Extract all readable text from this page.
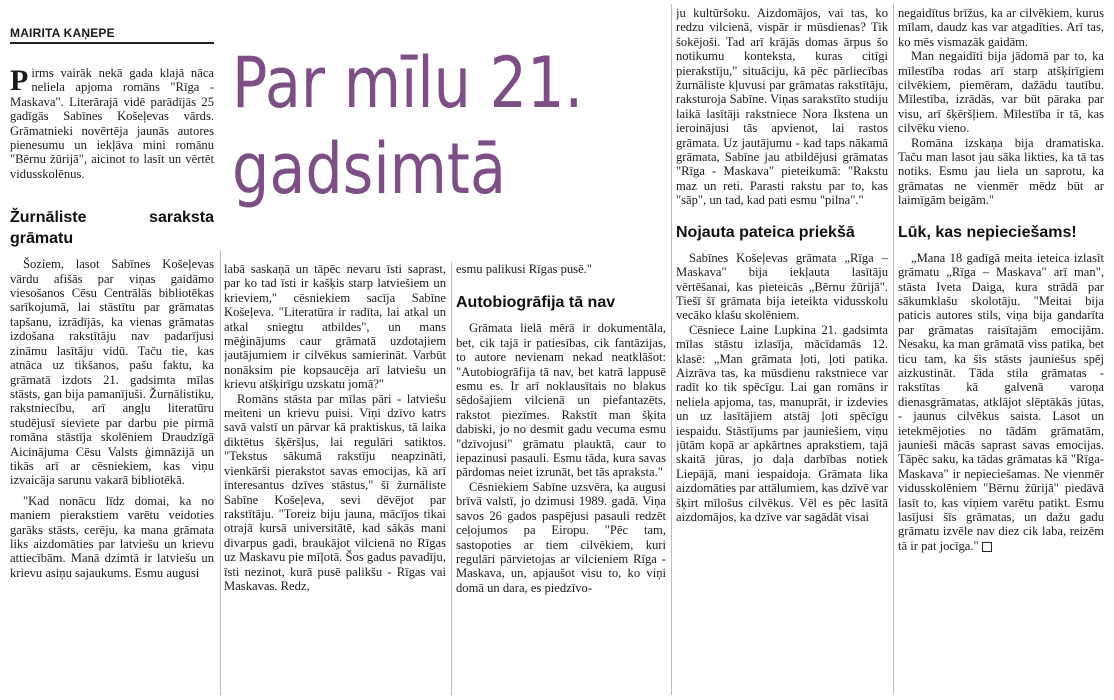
MAIRITA KAŅEPE
Par mīlu 21. gadsimtā

Pirms vairāk nekā gada klajā nāca neliela apjoma romāns "Rīga - Maskava". Literārajā vidē parādījās 25 gadīgās Sabīnes Košeļevas vārds. Grāmatnieki novērtēja jaunās autores pienesumu un iekļāva mini romānu "Bērnu žūrijā", aicinot to lasīt un vērtēt vidusskolēnus.

Žurnāliste saraksta grāmatu

Šoziem, lasot Sabīnes Košeļevas vārdu afišās par viņas gaidāmo viesošanos Cēsu Centrālās bibliotēkas sarīkojumā, lai stāstītu par grāmatas tapšanu, izrādījās, ka vienas grāmatas izdošana rakstītāju nav padarījusi zināmu lasītāju vidū. Taču tie, kas atnāca uz tikšanos, pašu faktu, ka grāmatā izdots 21. gadsimta mīlas stāsts, gan bija pamanījuši. Žurnālistiku, rakstniecību, arī angļu literatūru studējusī sieviete par darbu pie pirmā romāna stāstīja skolēniem Draudzīgā Aicinājuma Cēsu Valsts ģimnāzijā un tikās arī ar cēsniekiem, kas viņu izvaicāja sarunu vakarā bibliotēkā.

"Kad nonācu līdz domai, ka no maniem pierakstiem varētu veidoties garāks stāsts, cerēju, ka mana grāmata liks aizdomāties par latviešu un krievu attiecībām. Manā dzimtā ir latviešu un krievu asiņu sajaukums. Esmu augusi

labā saskaņā un tāpēc nevaru īsti saprast, par ko tad īsti ir kašķis starp latviešiem un krieviem," cēsniekiem sacīja Sabīne Košeļeva. "Literatūra ir radīta, lai atkal un atkal sniegtu atbildes", un mans mēģinājums caur grāmatā uzdotajiem jautājumiem ir cilvēkus samierināt. Varbūt nonāksim pie kopsaucēja arī latviešu un krievu atšķirīgu uzskatu jomā?"

Romāns stāsta par mīlas pāri - latviešu meiteni un krievu puisi. Viņi dzīvo katrs savā valstī un pārvar kā praktiskus, tā laika diktētus šķēršļus, lai regulāri satiktos. "Tekstus sākumā rakstīju neapzināti, vienkārši pierakstot savas emocijas, kā arī interesantus dzīves stāstus," šī žurnāliste Sabīne Košeļeva, sevi dēvējot par rakstītāju. "Toreiz biju jauna, mācījos tikai otrajā kursā universitātē, kad sākās mani divarpus gadi, braukājot vilcienā no Rīgas uz Maskavu pie mīļotā. Šos gadus pavadīju, īsti nezinot, kurā pusē palikšu - Rīgas vai Maskavas. Redz,

esmu palikusi Rīgas pusē."

Autobiogrāfija tā nav

Grāmata lielā mērā ir dokumentāla, bet, cik tajā ir patiesības, cik fantāzijas, to autore nevienam nekad neatklāšot: "Autobiogrāfija tā nav, bet katrā lappusē esmu es. Ir arī noklausītais no blakus sēdošajiem vilcienā un piefantazēts, rakstot piezīmes. Rakstīt man šķita dabiski, jo no desmit gadu vecuma esmu "dzīvojusi" grāmatu plauktā, caur to iepazinusi pasauli. Esmu tāda, kura savas pārdomas neiet izrunāt, bet tās aprakstа."

Cēsniekiem Sabīne uzsvēra, ka augusi brīvā valstī, jo dzimusi 1989. gadā. Viņa savos 26 gados paspējusi pasauli redzēt ceļojumos pa Eiropu. "Pēc tam, sastopoties ar tiem cilvēkiem, kuri regulāri pārvietojas ar vilcieniem Rīga - Maskava, un, apjaušot visu to, ko viņi domā un dara, es piedzīvo-

ju kultūršoku. Aizdomājos, vai tas, ko redzu vilcienā, vispār ir mūsdienas? Tik šokējoši. Tad arī krājās domas ārpus šo notikumu konteksta, kuras citīgi pierakstīju," situāciju, kā pēc pārliecības žurnāliste kļuvusi par grāmatas rakstītāju, raksturoja Sabīne. Viņas sarakstīto studiju laikā lasītāji rakstniece Nora Ikstena un ieroinājusi tās apvienot, lai rastos grāmata. Uz jautājumu - kad taps nākamā grāmata, Sabīne jau atbildējusi grāmatas "Rīga - Maskava" pieteikumā: "Rakstu maz un reti. Parasti rakstu par to, kas "sāp", un tad, kad pati esmu "pilna"."

Nojauta pateica priekšā

Sabīnes Košeļevas grāmata „Rīga – Maskava" bija iekļauta lasītāju vērtēšanai, kas pieteicās „Bērnu žūrijā". Tiešī šī grāmata bija ieteikta vidusskolu vecāko klašu skolēniem.

Cēsniece Laine Lupkina 21. gadsimta mīlas stāstu izlasīja, mācīdamās 12. klasē: „Man grāmata ļoti, ļoti patika. Aizrāva tas, ka mūsdienu rakstniece var radīt ko tik spēcīgu. Lai gan romāns ir neliela apjoma, tas, manuprāt, ir izdevies un uz lasītājiem atstāj ļoti spēcīgu iespaidu. Stāstījums par jauniešiem, viņu jūtām kopā ar apkārtnes aprakstiem, tajā skaitā jūras, jo daļa darbības notiek Liepājā, mani iespaidoja. Grāmata lika aizdomāties par attālumiem, kas dzīvē var šķirt mīlošus cilvēkus. Vēl es pēc lasītā aizdomājos, ka dzīve var sagādāt visai

negaidītus brīžus, ka ar cilvēkiem, kurus mīlam, daudz kas var atgadīties. Arī tas, ko mēs vismazāk gaidām.

Man negaidīti bija jādomā par to, ka mīlestība rodas arī starp atšķirīgiem cilvēkiem, piemēram, dažādu tautību. Mīlestība, izrādās, var būt pāraka par visu, arī šķēršļiem. Mīlestība ir tā, kas cilvēku vieno.

Romāna izskaņa bija dramatiska. Taču man lasot jau sāka likties, ka tā tas notiks. Esmu jau liela un saprotu, ka grāmatas ne vienmēr mēdz būt ar laimīgām beigām."

Lūk, kas nepieciešams!

„Mana 18 gadīgā meita ieteica izlasīt grāmatu „Rīga – Maskava" arī man", stāsta Iveta Daiga, kura strādā par sākumklašu skolotāju. "Meitai bija paticis autores stils, viņa bija gandarīta par grāmatas raisītajām emocijām. Nesaku, ka man grāmatā viss patika, bet ticu tam, ka šis stāsts jauniešus spēj aizkustināt. Tāda stila grāmatas - rakstītas kā galvenā varoņa dienasgrāmatas, atklājot slēptākās jūtas, - jaunus cilvēkus saista. Lasot un ietekmējoties no tādām grāmatām, jaunieši mācās saprast savas emocijas. Tāpēc saku, ka tādas grāmatas kā "Rīga- Maskava" ir nepieciešamas. Ne vienmēr vidusskolēniem "Bērnu žūrijā" piedāvā lasīt to, kas viņiem varētu patikt. Esmu lasījusi šīs grāmatas, un dažu gadu grāmatu izvēle nav diez cik laba, reizēm tā ir pat jocīga."
